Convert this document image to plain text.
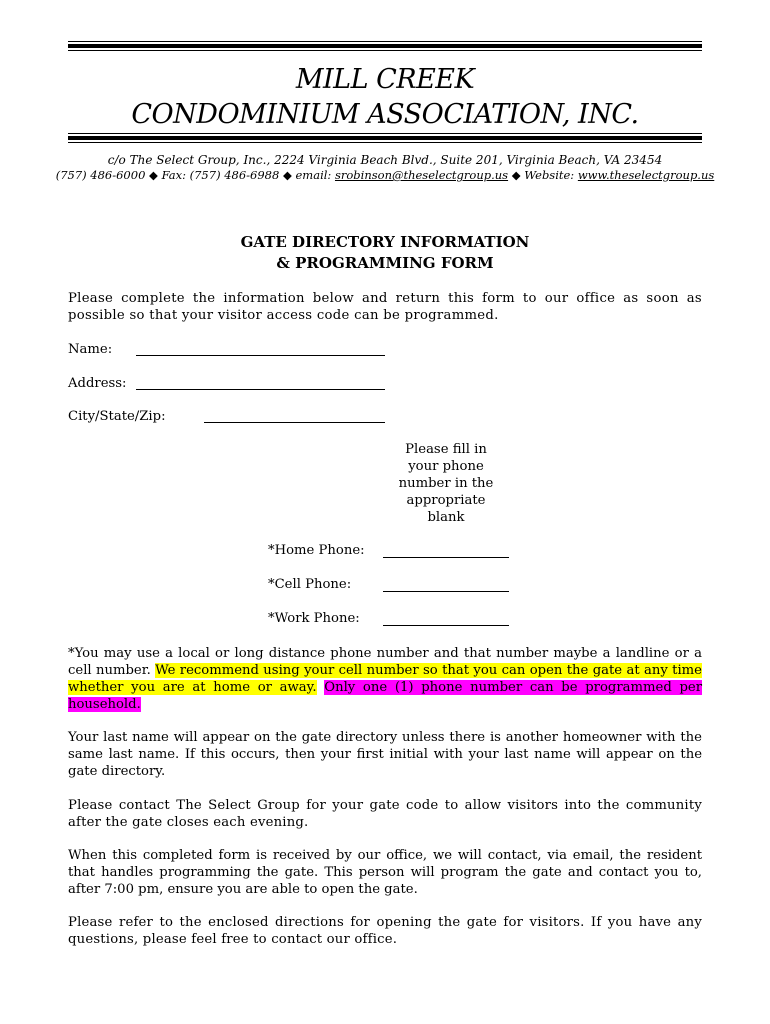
MILL CREEK
CONDOMINIUM ASSOCIATION, INC.
c/o The Select Group, Inc., 2224 Virginia Beach Blvd., Suite 201, Virginia Beach, VA 23454
(757) 486-6000 ◆ Fax: (757) 486-6988 ◆ email: srobinson@theselectgroup.us ◆ Website: www.theselectgroup.us
GATE DIRECTORY INFORMATION
& PROGRAMMING FORM
Please complete the information below and return this form to our office as soon as possible so that your visitor access code can be programmed.
Name:
Address:
City/State/Zip:
Please fill in your phone number in the appropriate blank
*Home Phone:
*Cell Phone:
*Work Phone:
*You may use a local or long distance phone number and that number maybe a landline or a cell number. We recommend using your cell number so that you can open the gate at any time whether you are at home or away. Only one (1) phone number can be programmed per household.
Your last name will appear on the gate directory unless there is another homeowner with the same last name. If this occurs, then your first initial with your last name will appear on the gate directory.
Please contact The Select Group for your gate code to allow visitors into the community after the gate closes each evening.
When this completed form is received by our office, we will contact, via email, the resident that handles programming the gate. This person will program the gate and contact you to, after 7:00 pm, ensure you are able to open the gate.
Please refer to the enclosed directions for opening the gate for visitors. If you have any questions, please feel free to contact our office.
